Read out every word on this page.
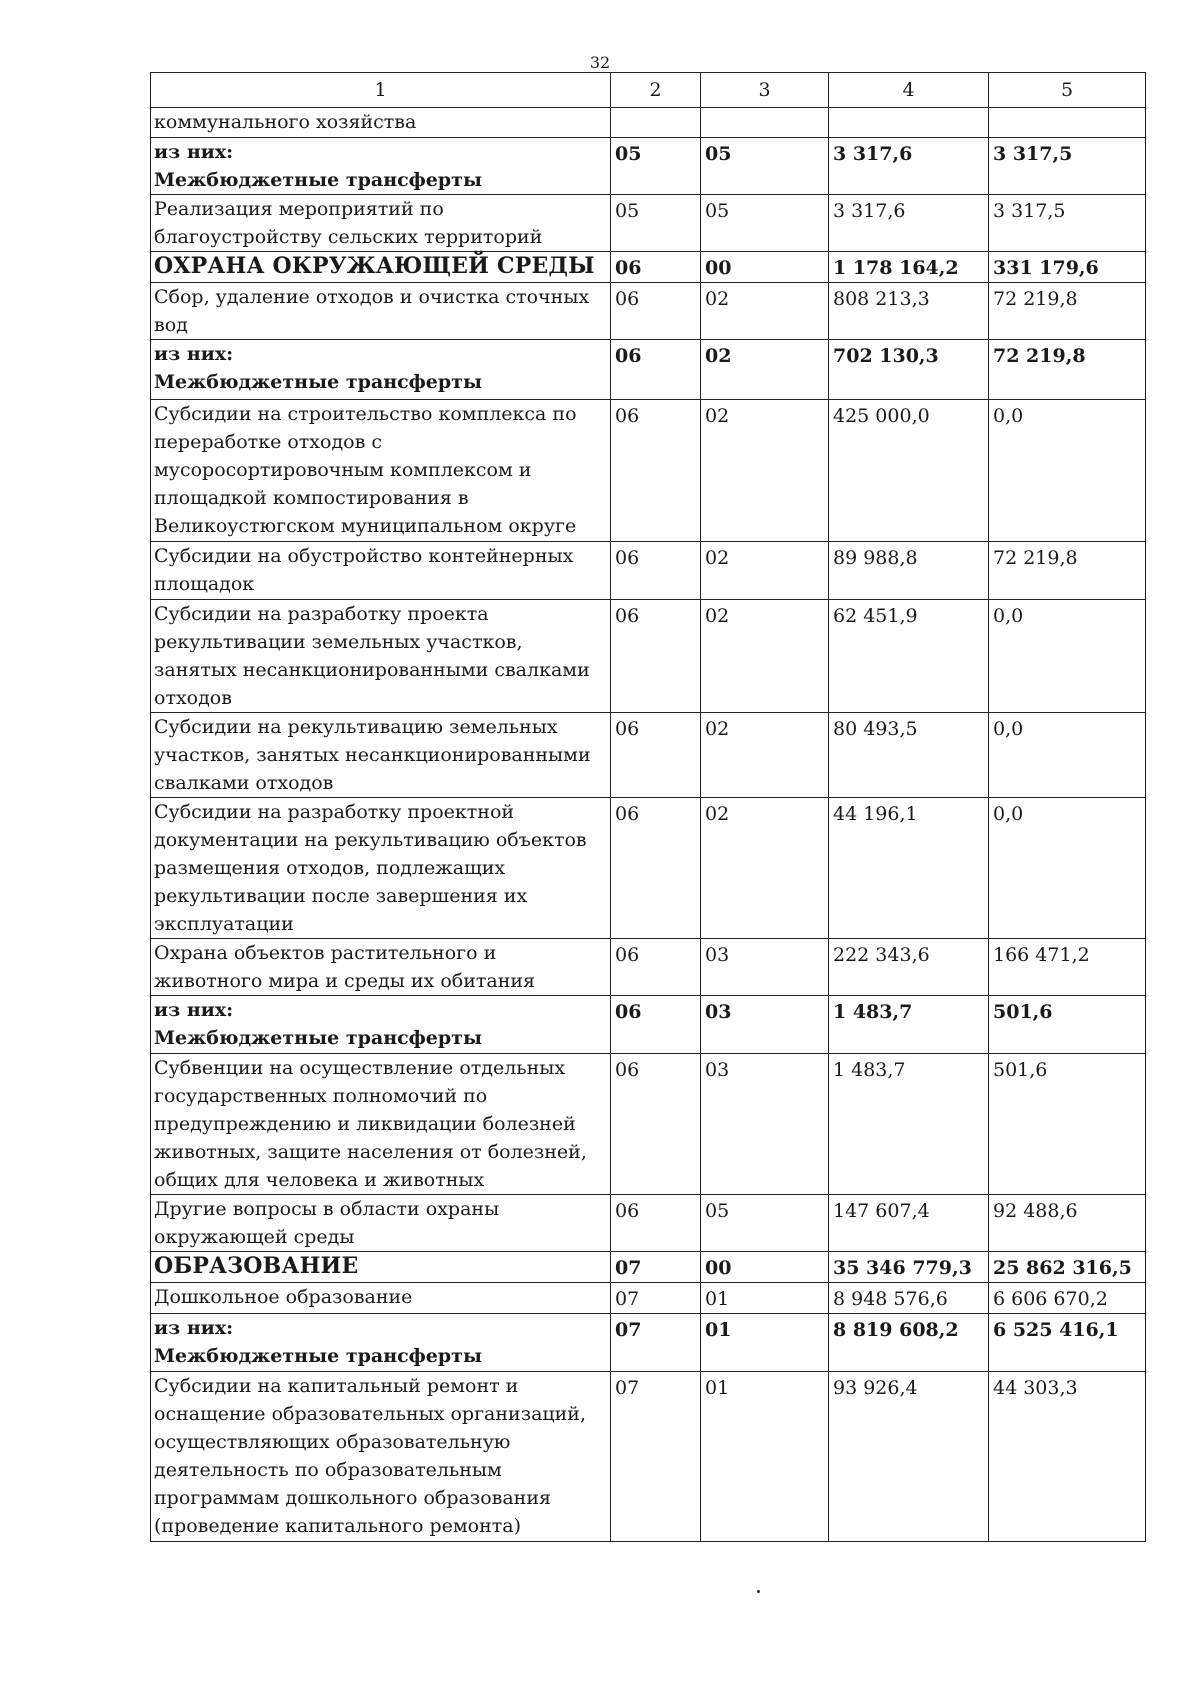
32
1	2	3	4	5
коммунального хозяйства				

из них:
Межбюджетные трансферты	05	05	3 317,6	3 317,5
Реализация мероприятий по благоустройству сельских территорий	05	05	3 317,6	3 317,5
ОХРАНА ОКРУЖАЮЩЕЙ СРЕДЫ	06	00	1 178 164,2	331 179,6
Сбор, удаление отходов и очистка сточных вод	06	02	808 213,3	72 219,8

из них:
Межбюджетные трансферты	06	02	702 130,3	72 219,8
Субсидии на строительство комплекса по переработке отходов с мусоросортировочным комплексом и площадкой компостирования в Великоустюгском муниципальном округе	06	02	425 000,0	0,0
Субсидии на обустройство контейнерных площадок	06	02	89 988,8	72 219,8
Субсидии на разработку проекта рекультивации земельных участков, занятых несанкционированными свалками отходов	06	02	62 451,9	0,0
Субсидии на рекультивацию земельных участков, занятых несанкционированными свалками отходов	06	02	80 493,5	0,0
Субсидии на разработку проектной документации на рекультивацию объектов размещения отходов, подлежащих рекультивации после завершения их эксплуатации	06	02	44 196,1	0,0
Охрана объектов растительного и животного мира и среды их обитания	06	03	222 343,6	166 471,2

из них:
Межбюджетные трансферты	06	03	1 483,7	501,6
Субвенции на осуществление отдельных государственных полномочий по предупреждению и ликвидации болезней животных, защите населения от болезней, общих для человека и животных	06	03	1 483,7	501,6
Другие вопросы в области охраны окружающей среды	06	05	147 607,4	92 488,6
ОБРАЗОВАНИЕ	07	00	35 346 779,3	25 862 316,5
Дошкольное образование	07	01	8 948 576,6	6 606 670,2

из них:
Межбюджетные трансферты	07	01	8 819 608,2	6 525 416,1
Субсидии на капитальный ремонт и оснащение образовательных организаций, осуществляющих образовательную деятельность по образовательным программам дошкольного образования (проведение капитального ремонта)	07	01	93 926,4	44 303,3
